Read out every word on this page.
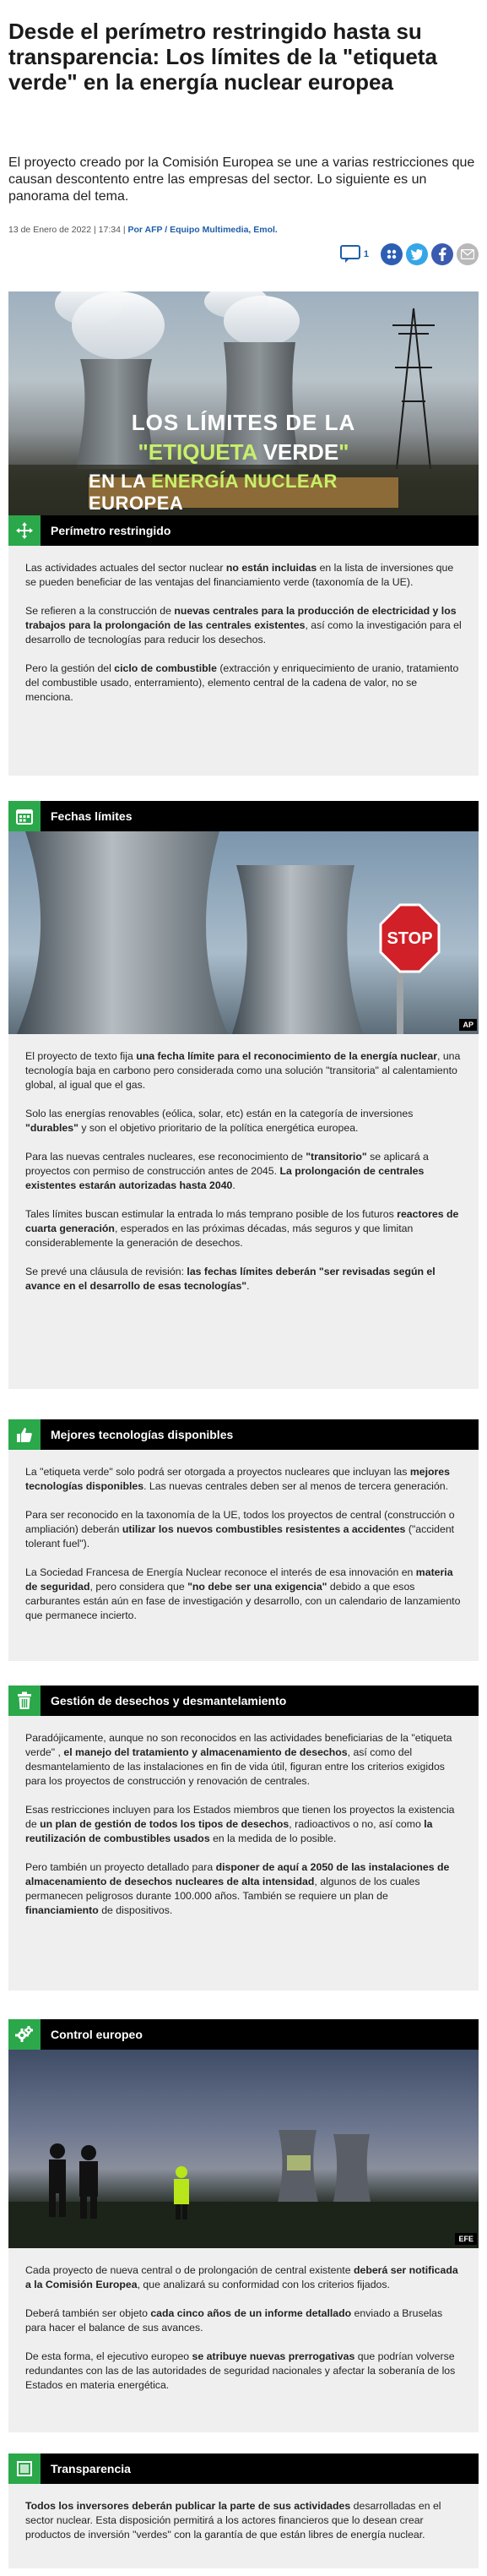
Desde el perímetro restringido hasta su transparencia: Los límites de la "etiqueta verde" en la energía nuclear europea

El proyecto creado por la Comisión Europea se une a varias restricciones que causan descontento entre las empresas del sector. Lo siguiente es un panorama del tema.

13 de Enero de 2022 | 17:34 | Por AFP / Equipo Multimedia, Emol.
1
LOS LÍMITES DE LA
"ETIQUETA VERDE"
EN LA ENERGÍA NUCLEAR EUROPEA
Perímetro restringido

Las actividades actuales del sector nuclear no están incluidas en la lista de inversiones que se pueden beneficiar de las ventajas del financiamiento verde (taxonomía de la UE).

Se refieren a la construcción de nuevas centrales para la producción de electricidad y los trabajos para la prolongación de las centrales existentes, así como la investigación para el desarrollo de tecnologías para reducir los desechos.

Pero la gestión del ciclo de combustible (extracción y enriquecimiento de uranio, tratamiento del combustible usado, enterramiento), elemento central de la cadena de valor, no se menciona.

Fechas límites
STOP
AP

El proyecto de texto fija una fecha límite para el reconocimiento de la energía nuclear, una tecnología baja en carbono pero considerada como una solución "transitoria" al calentamiento global, al igual que el gas.

Solo las energías renovables (eólica, solar, etc) están en la categoría de inversiones "durables" y son el objetivo prioritario de la política energética europea.

Para las nuevas centrales nucleares, ese reconocimiento de "transitorio" se aplicará a proyectos con permiso de construcción antes de 2045. La prolongación de centrales existentes estarán autorizadas hasta 2040.

Tales límites buscan estimular la entrada lo más temprano posible de los futuros reactores de cuarta generación, esperados en las próximas décadas, más seguros y que limitan considerablemente la generación de desechos.

Se prevé una cláusula de revisión: las fechas límites deberán "ser revisadas según el avance en el desarrollo de esas tecnologías".

Mejores tecnologías disponibles

La "etiqueta verde" solo podrá ser otorgada a proyectos nucleares que incluyan las mejores tecnologías disponibles. Las nuevas centrales deben ser al menos de tercera generación.

Para ser reconocido en la taxonomía de la UE, todos los proyectos de central (construcción o ampliación) deberán utilizar los nuevos combustibles resistentes a accidentes ("accident tolerant fuel").

La Sociedad Francesa de Energía Nuclear reconoce el interés de esa innovación en materia de seguridad, pero considera que "no debe ser una exigencia" debido a que esos carburantes están aún en fase de investigación y desarrollo, con un calendario de lanzamiento que permanece incierto.

Gestión de desechos y desmantelamiento

Paradójicamente, aunque no son reconocidos en las actividades beneficiarias de la "etiqueta verde" , el manejo del tratamiento y almacenamiento de desechos, así como del desmantelamiento de las instalaciones en fin de vida útil, figuran entre los criterios exigidos para los proyectos de construcción y renovación de centrales.

Esas restricciones incluyen para los Estados miembros que tienen los proyectos la existencia de un plan de gestión de todos los tipos de desechos, radioactivos o no, así como la reutilización de combustibles usados en la medida de lo posible.

Pero también un proyecto detallado para disponer de aquí a 2050 de las instalaciones de almacenamiento de desechos nucleares de alta intensidad, algunos de los cuales permanecen peligrosos durante 100.000 años. También se requiere un plan de financiamiento de dispositivos.

Control europeo
EFE

Cada proyecto de nueva central o de prolongación de central existente deberá ser notificada a la Comisión Europea, que analizará su conformidad con los criterios fijados.

Deberá también ser objeto cada cinco años de un informe detallado enviado a Bruselas para hacer el balance de sus avances.

De esta forma, el ejecutivo europeo se atribuye nuevas prerrogativas que podrían volverse redundantes con las de las autoridades de seguridad nacionales y afectar la soberanía de los Estados en materia energética.

Transparencia

Todos los inversores deberán publicar la parte de sus actividades desarrolladas en el sector nuclear. Esta disposición permitirá a los actores financieros que lo desean crear productos de inversión "verdes" con la garantía de que están libres de energía nuclear.
